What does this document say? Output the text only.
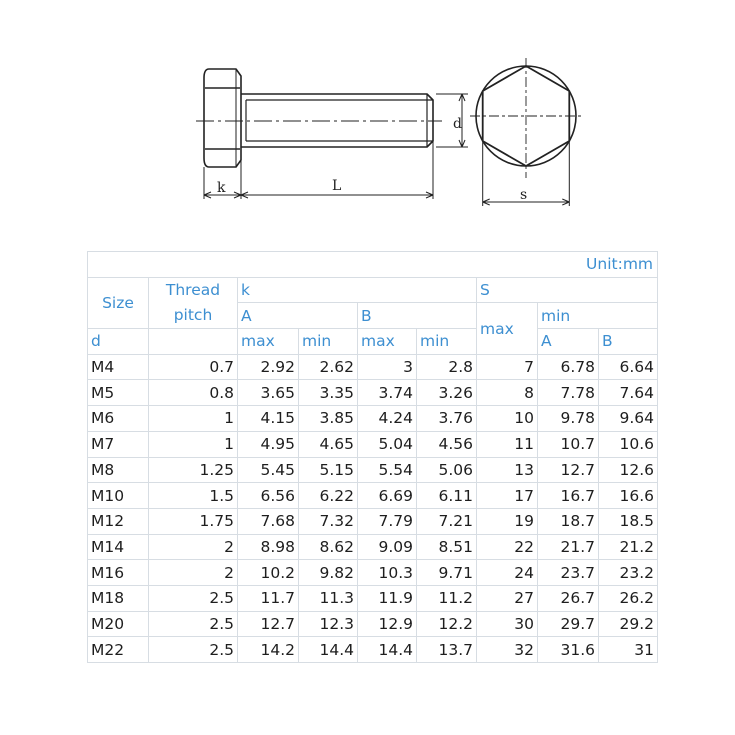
d
k	L
s
Unit:mm								
Size	Thread
pitch	k				S		
		A		B		max	min	
d		max	min	max	min		A	B
M4	0.7	2.92	2.62	3	2.8	7	6.78	6.64
M5	0.8	3.65	3.35	3.74	3.26	8	7.78	7.64
M6	1	4.15	3.85	4.24	3.76	10	9.78	9.64
M7	1	4.95	4.65	5.04	4.56	11	10.7	10.6
M8	1.25	5.45	5.15	5.54	5.06	13	12.7	12.6
M10	1.5	6.56	6.22	6.69	6.11	17	16.7	16.6
M12	1.75	7.68	7.32	7.79	7.21	19	18.7	18.5
M14	2	8.98	8.62	9.09	8.51	22	21.7	21.2
M16	2	10.2	9.82	10.3	9.71	24	23.7	23.2
M18	2.5	11.7	11.3	11.9	11.2	27	26.7	26.2
M20	2.5	12.7	12.3	12.9	12.2	30	29.7	29.2
M22	2.5	14.2	14.4	14.4	13.7	32	31.6	31
